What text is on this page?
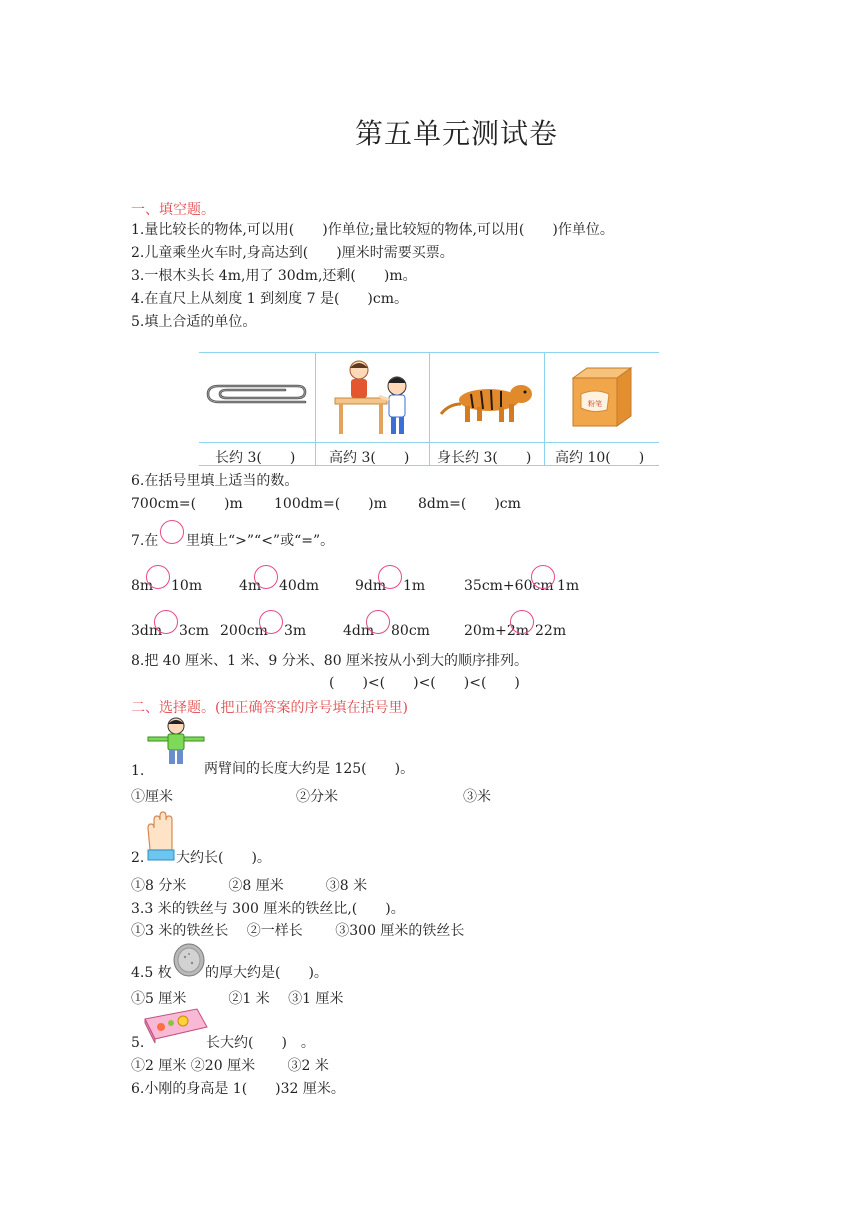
第五单元测试卷
一、填空题。
1.量比较长的物体,可以用(　　)作单位;量比较短的物体,可以用(　　)作单位。
2.儿童乘坐火车时,身高达到(　　)厘米时需要买票。
3.一根木头长 4m,用了 30dm,还剩(　　)m。
4.在直尺上从刻度 1 到刻度 7 是(　　)cm。
5.填上合适的单位。
粉笔
长约 3(　　) 高约 3(　　) 身长约 3(　　) 高约 10(　　)
6.在括号里填上适当的数。
700cm=(　　)m 100dm=(　　)m 8dm=(　　)cm
7.在 里填上“>”“<”或“=”。
8m 10m	4m 40dm	9dm 1m	35cm+60cm 1m
3dm 3cm 200cm 3m	4dm 80cm 20m+2m 22m
8.把 40 厘米、1 米、9 分米、80 厘米按从小到大的顺序排列。
(　　)<(　　)<(　　)<(　　)
二、选择题。(把正确答案的序号填在括号里)
1.	两臂间的长度大约是 125(　　)。
①厘米	②分米	③米
2. 大约长(　　)。
①8 分米　　　②8 厘米　　　③8 米
3.3 米的铁丝与 300 厘米的铁丝比,(　　)。
①3 米的铁丝长　 ②一样长　　 ③300 厘米的铁丝长
4.5 枚 的厚大约是(　　)。
①5 厘米　　　②1 米　 ③1 厘米
5.	长大约(　　)　。
①2 厘米 ②20 厘米　　 ③2 米
6.小刚的身高是 1(　　)32 厘米。
